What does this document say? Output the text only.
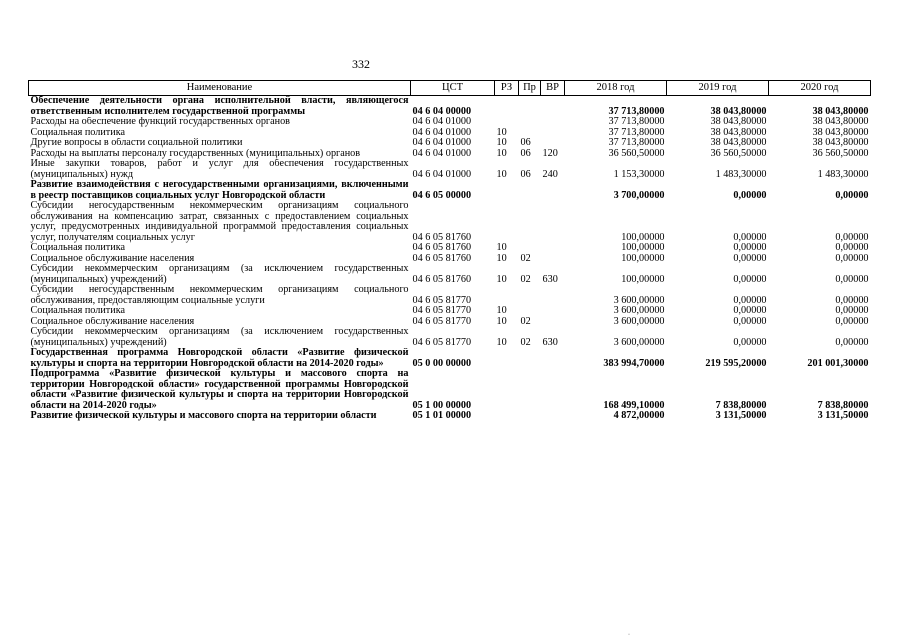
332
Наименование	ЦСТ	РЗ	Пр	ВР	2018 год	2019 год	2020 год
Обеспечение деятельности органа исполнительной власти, являющегося ответственным исполнителем государственной программы	04 6 04 00000				37 713,80000	38 043,80000	38 043,80000
Расходы на обеспечение функций государственных органов	04 6 04 01000				37 713,80000	38 043,80000	38 043,80000
Социальная политика	04 6 04 01000	10			37 713,80000	38 043,80000	38 043,80000
Другие вопросы в области социальной политики	04 6 04 01000	10	06		37 713,80000	38 043,80000	38 043,80000
Расходы на выплаты персоналу государственных (муниципальных) органов	04 6 04 01000	10	06	120	36 560,50000	36 560,50000	36 560,50000
Иные закупки товаров, работ и услуг для обеспечения государственных (муниципальных) нужд	04 6 04 01000	10	06	240	1 153,30000	1 483,30000	1 483,30000
Развитие взаимодействия с негосударственными организациями, включенными в реестр поставщиков социальных услуг Новгородской области	04 6 05 00000				3 700,00000	0,00000	0,00000
Субсидии негосударственным некоммерческим организациям социального обслуживания на компенсацию затрат, связанных с предоставлением социальных услуг, предусмотренных индивидуальной программой предоставления социальных услуг, получателям социальных услуг	04 6 05 81760				100,00000	0,00000	0,00000
Социальная политика	04 6 05 81760	10			100,00000	0,00000	0,00000
Социальное обслуживание населения	04 6 05 81760	10	02		100,00000	0,00000	0,00000
Субсидии некоммерческим организациям (за исключением государственных (муниципальных) учреждений)	04 6 05 81760	10	02	630	100,00000	0,00000	0,00000
Субсидии негосударственным некоммерческим организациям социального обслуживания, предоставляющим социальные услуги	04 6 05 81770				3 600,00000	0,00000	0,00000
Социальная политика	04 6 05 81770	10			3 600,00000	0,00000	0,00000
Социальное обслуживание населения	04 6 05 81770	10	02		3 600,00000	0,00000	0,00000
Субсидии некоммерческим организациям (за исключением государственных (муниципальных) учреждений)	04 6 05 81770	10	02	630	3 600,00000	0,00000	0,00000
Государственная программа Новгородской области «Развитие физической культуры и спорта на территории Новгородской области на 2014-2020 годы»	05 0 00 00000				383 994,70000	219 595,20000	201 001,30000
Подпрограмма «Развитие физической культуры и массового спорта на территории Новгородской области» государственной программы Новгородской области «Развитие физической культуры и спорта на территории Новгородской области на 2014-2020 годы»	05 1 00 00000				168 499,10000	7 838,80000	7 838,80000
Развитие физической культуры и массового спорта на территории области	05 1 01 00000				4 872,00000	3 131,50000	3 131,50000
·
